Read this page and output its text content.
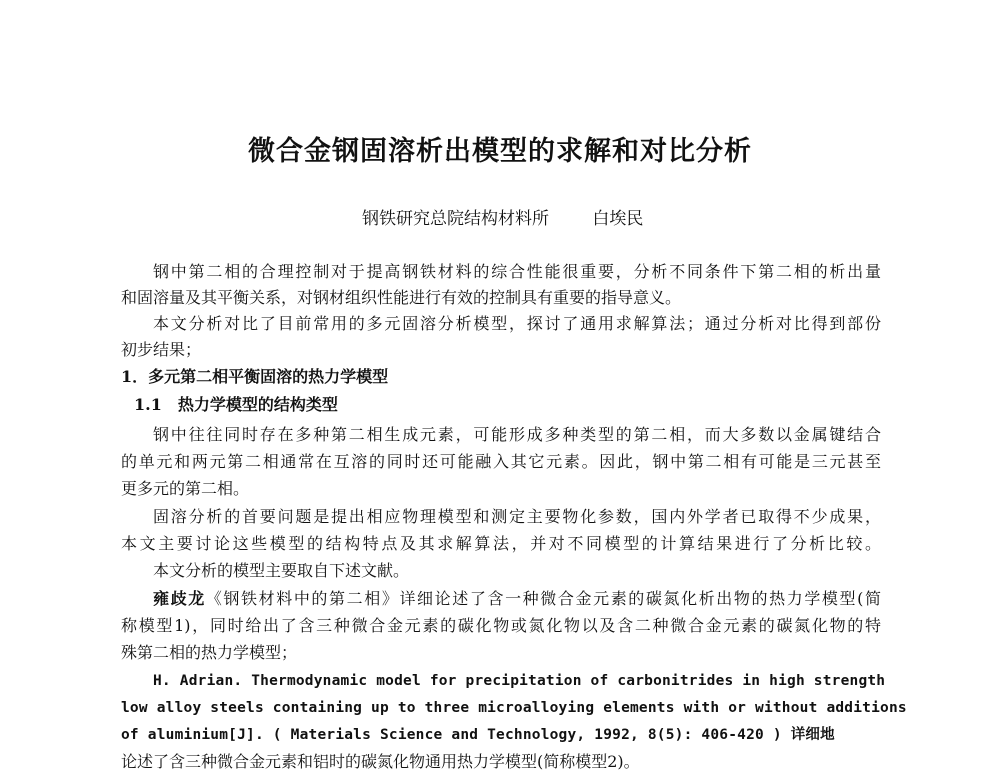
微合金钢固溶析出模型的求解和对比分析
钢铁研究总院结构材料所	白埃民
钢中第二相的合理控制对于提高钢铁材料的综合性能很重要，分析不同条件下第二相的析出量
和固溶量及其平衡关系，对钢材组织性能进行有效的控制具有重要的指导意义。
本文分析对比了目前常用的多元固溶分析模型，探讨了通用求解算法；通过分析对比得到部份
初步结果；
1．多元第二相平衡固溶的热力学模型
1.1　热力学模型的结构类型
钢中往往同时存在多种第二相生成元素，可能形成多种类型的第二相，而大多数以金属键结合
的单元和两元第二相通常在互溶的同时还可能融入其它元素。因此，钢中第二相有可能是三元甚至
更多元的第二相。
固溶分析的首要问题是提出相应物理模型和测定主要物化参数，国内外学者已取得不少成果，
本文主要讨论这些模型的结构特点及其求解算法，并对不同模型的计算结果进行了分析比较。
本文分析的模型主要取自下述文献。
雍歧龙《钢铁材料中的第二相》详细论述了含一种微合金元素的碳氮化析出物的热力学模型(简
称模型1)，同时给出了含三种微合金元素的碳化物或氮化物以及含二种微合金元素的碳氮化物的特
殊第二相的热力学模型；
H. Adrian. Thermodynamic model for precipitation of carbonitrides in high strength
low alloy steels containing up to three microalloying elements with or without additions
of aluminium[J]. ( Materials Science and Technology, 1992, 8(5): 406-420 ) 详细地
论述了含三种微合金元素和铝时的碳氮化物通用热力学模型(简称模型2)。
